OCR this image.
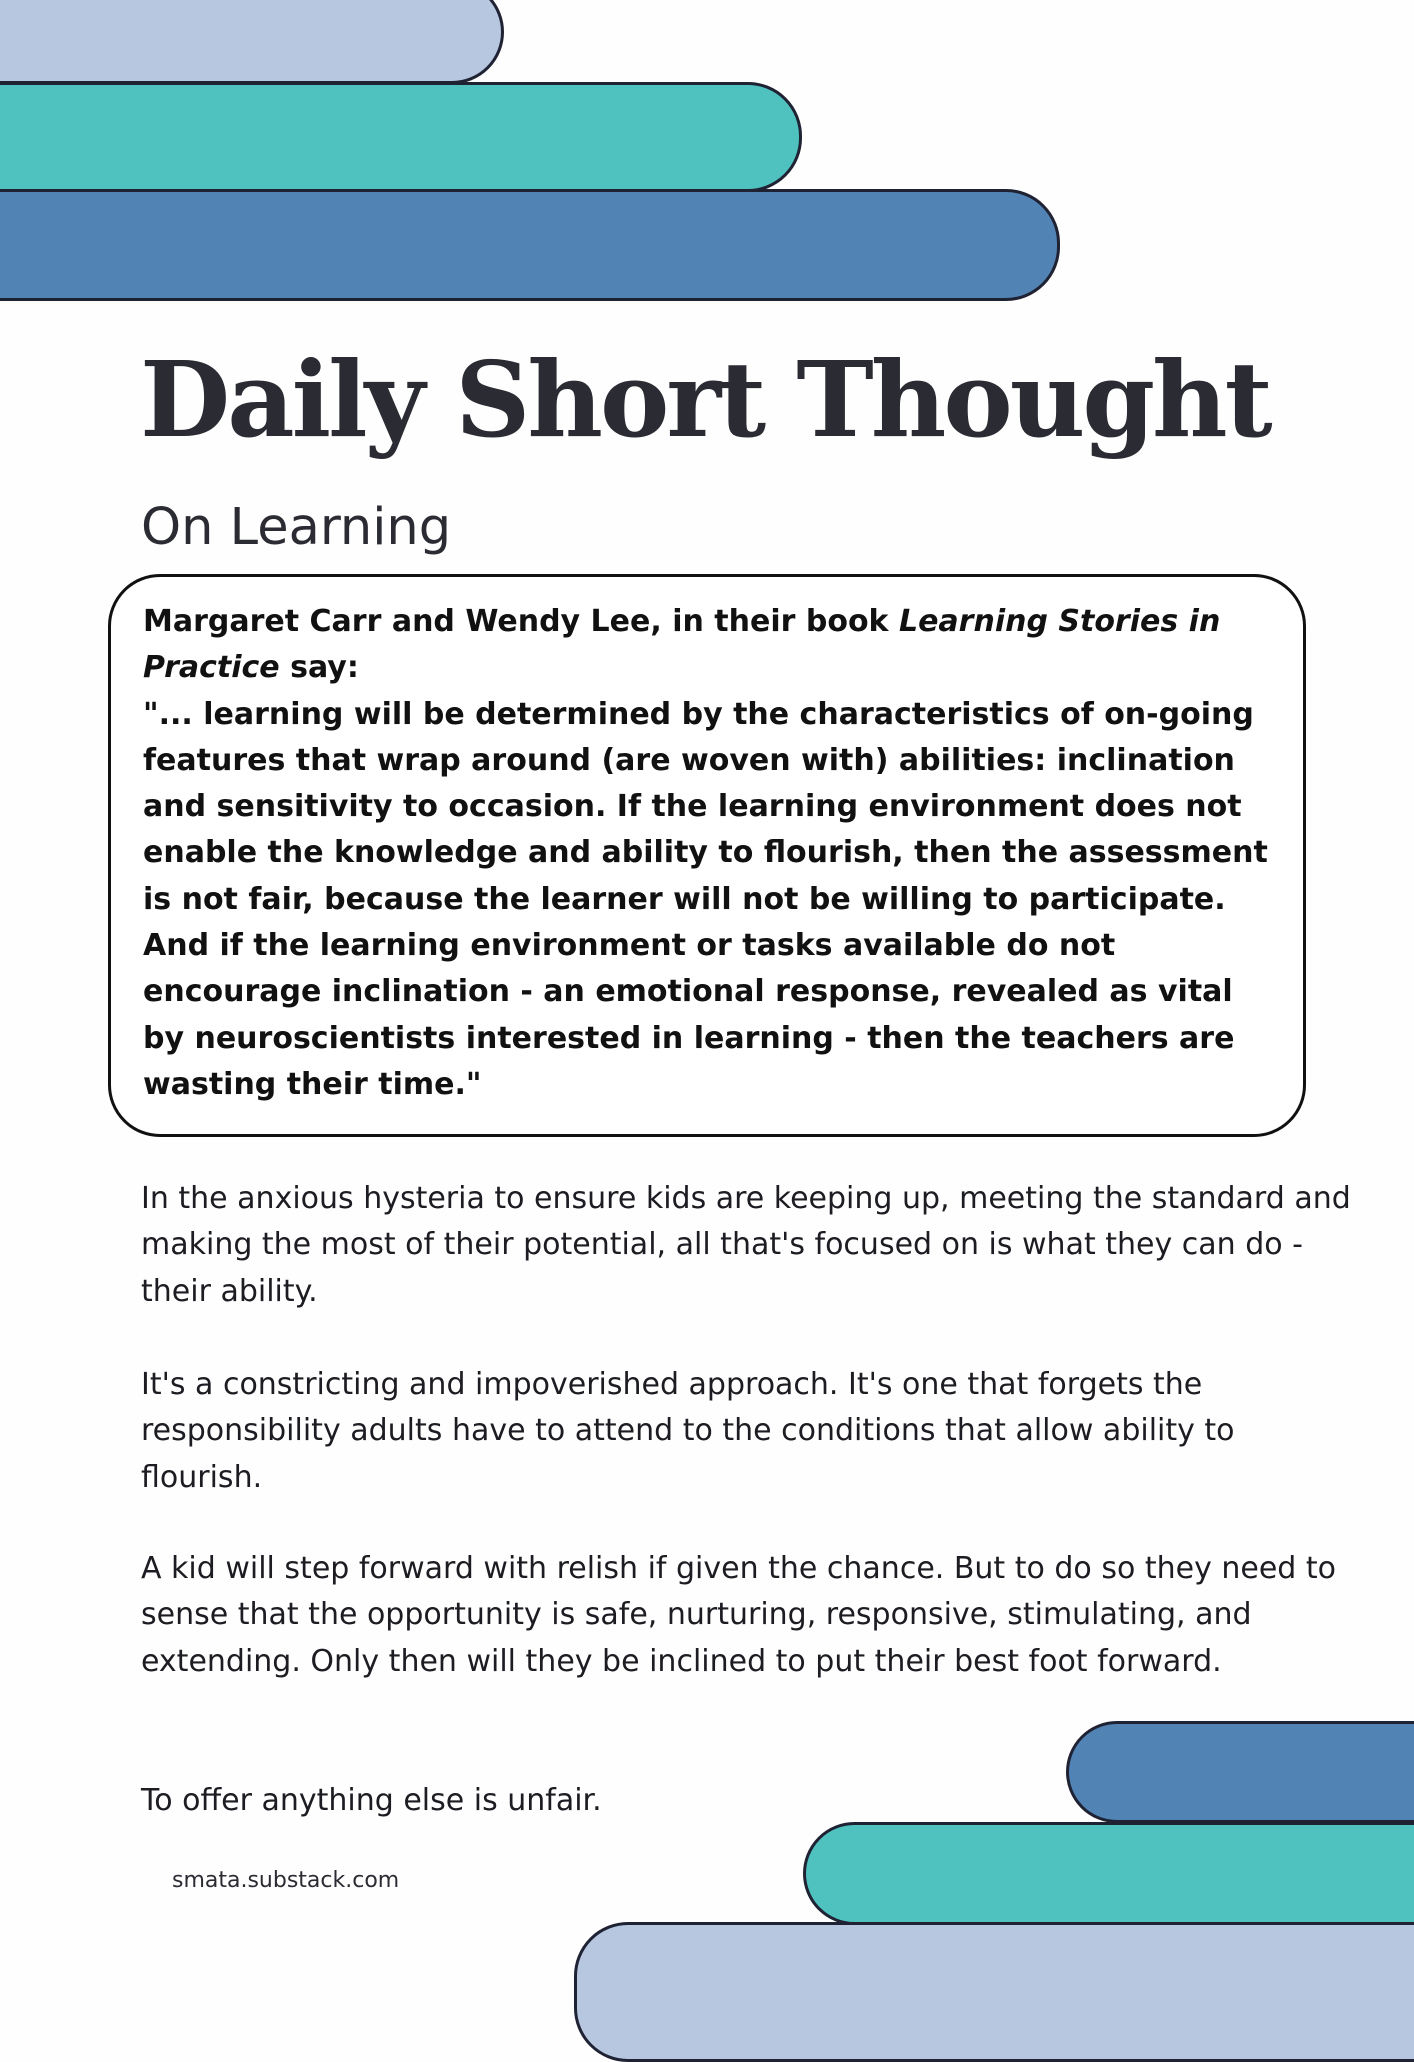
Daily Short Thought
On Learning

Margaret Carr and Wendy Lee, in their book Learning Stories in Practice say:

"... learning will be determined by the characteristics of on-going features that wrap around (are woven with) abilities: inclination and sensitivity to occasion. If the learning environment does not enable the knowledge and ability to flourish, then the assessment is not fair, because the learner will not be willing to participate. And if the learning environment or tasks available do not encourage inclination - an emotional response, revealed as vital by neuroscientists interested in learning - then the teachers are wasting their time."

In the anxious hysteria to ensure kids are keeping up, meeting the standard and making the most of their potential, all that's focused on is what they can do - their ability.

It's a constricting and impoverished approach. It's one that forgets the responsibility adults have to attend to the conditions that allow ability to flourish.

A kid will step forward with relish if given the chance. But to do so they need to sense that the opportunity is safe, nurturing, responsive, stimulating, and extending. Only then will they be inclined to put their best foot forward.

To offer anything else is unfair.

smata.substack.com
